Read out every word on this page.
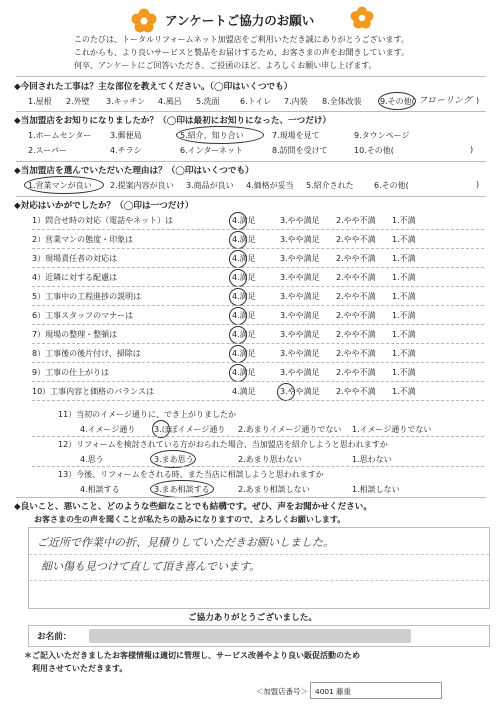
アンケートご協力のお願い
このたびは、トータルリフォームネット加盟店をご利用いただき誠にありがとうございます。
これからも、より良いサービスと製品をお届けするため、お客さまの声をお聞きしています。
何卒、アンケートにご回答いただき、ご投函のほど、よろしくお願い申し上げます。
◆今回された工事は？主な部位を教えてください。（◯印はいくつでも）
1.屋根 2.外壁 3.キッチン 4.風呂 5.洗面	6.トイレ 7.内装 8.全体改装 9.その他( フローリング )
◆当加盟店をお知りになりましたか？（◯印は最初にお知りになった、一つだけ）
1.ホームセンター 3.郵便局	5.紹介、知り合い	7.現場を見て	9.タウンページ
2.スーパー	4.チラシ	6.インターネット	8.訪問を受けて	10.その他(	)
◆当加盟店を選んでいただいた理由は？（◯印はいくつでも）
1.営業マンが良い 2.提案内容が良い 3.商品が良い 4.価格が妥当 5.紹介された	6.その他(	)
◆対応はいかがでしたか？（◯印は一つだけ）
1）問合せ時の対応（電話やネット）は	4.満足	3.やや満足 2.やや不満 1.不満
2）営業マンの態度・印象は	4.満足	3.やや満足 2.やや不満 1.不満
3）現場責任者の対応は	4.満足	3.やや満足 2.やや不満 1.不満
4）近隣に対する配慮は	4.満足	3.やや満足 2.やや不満 1.不満
5）工事中の工程進捗の説明は	4.満足	3.やや満足 2.やや不満 1.不満
6）工事スタッフのマナーは	4.満足	3.やや満足 2.やや不満 1.不満
7）現場の整理・整頓は	4.満足	3.やや満足 2.やや不満 1.不満
8）工事後の後片付け、掃除は	4.満足	3.やや満足 2.やや不満 1.不満
9）工事の仕上がりは	4.満足	3.やや満足 2.やや不満 1.不満
10）工事内容と価格のバランスは	4.満足	3.やや満足 2.やや不満 1.不満
11）当初のイメージ通りに、でき上がりましたか
4.イメージ通り 3.ほぼイメージ通り 2.あまりイメージ通りでない 1.イメージ通りでない
12）リフォームを検討されている方がおられた場合、当加盟店を紹介しようと思われますか
4.思う	3.まあ思う	2.あまり思わない	1.思わない
13）今後、リフォームをされる時、また当店に相談しようと思われますか
4.相談する	3.まあ相談する	2.あまり相談しない	1.相談しない
◆良いこと、悪いこと、どのような些細なことでも結構です。ぜひ、声をお聞かせください。
お客さまの生の声を聞くことが私たちの励みになりますので、よろしくお願いします。
ご近所で作業中の折、見積りしていただきお願いしました。
細い傷も見つけて直して頂き喜んでいます。
ご協力ありがとうございました。
お名前：
＊ご記入いただきましたお客様情報は適切に管理し、サービス改善やより良い販促活動のため
　利用させていただきます。
＜加盟店番号＞ 4001 藤重
